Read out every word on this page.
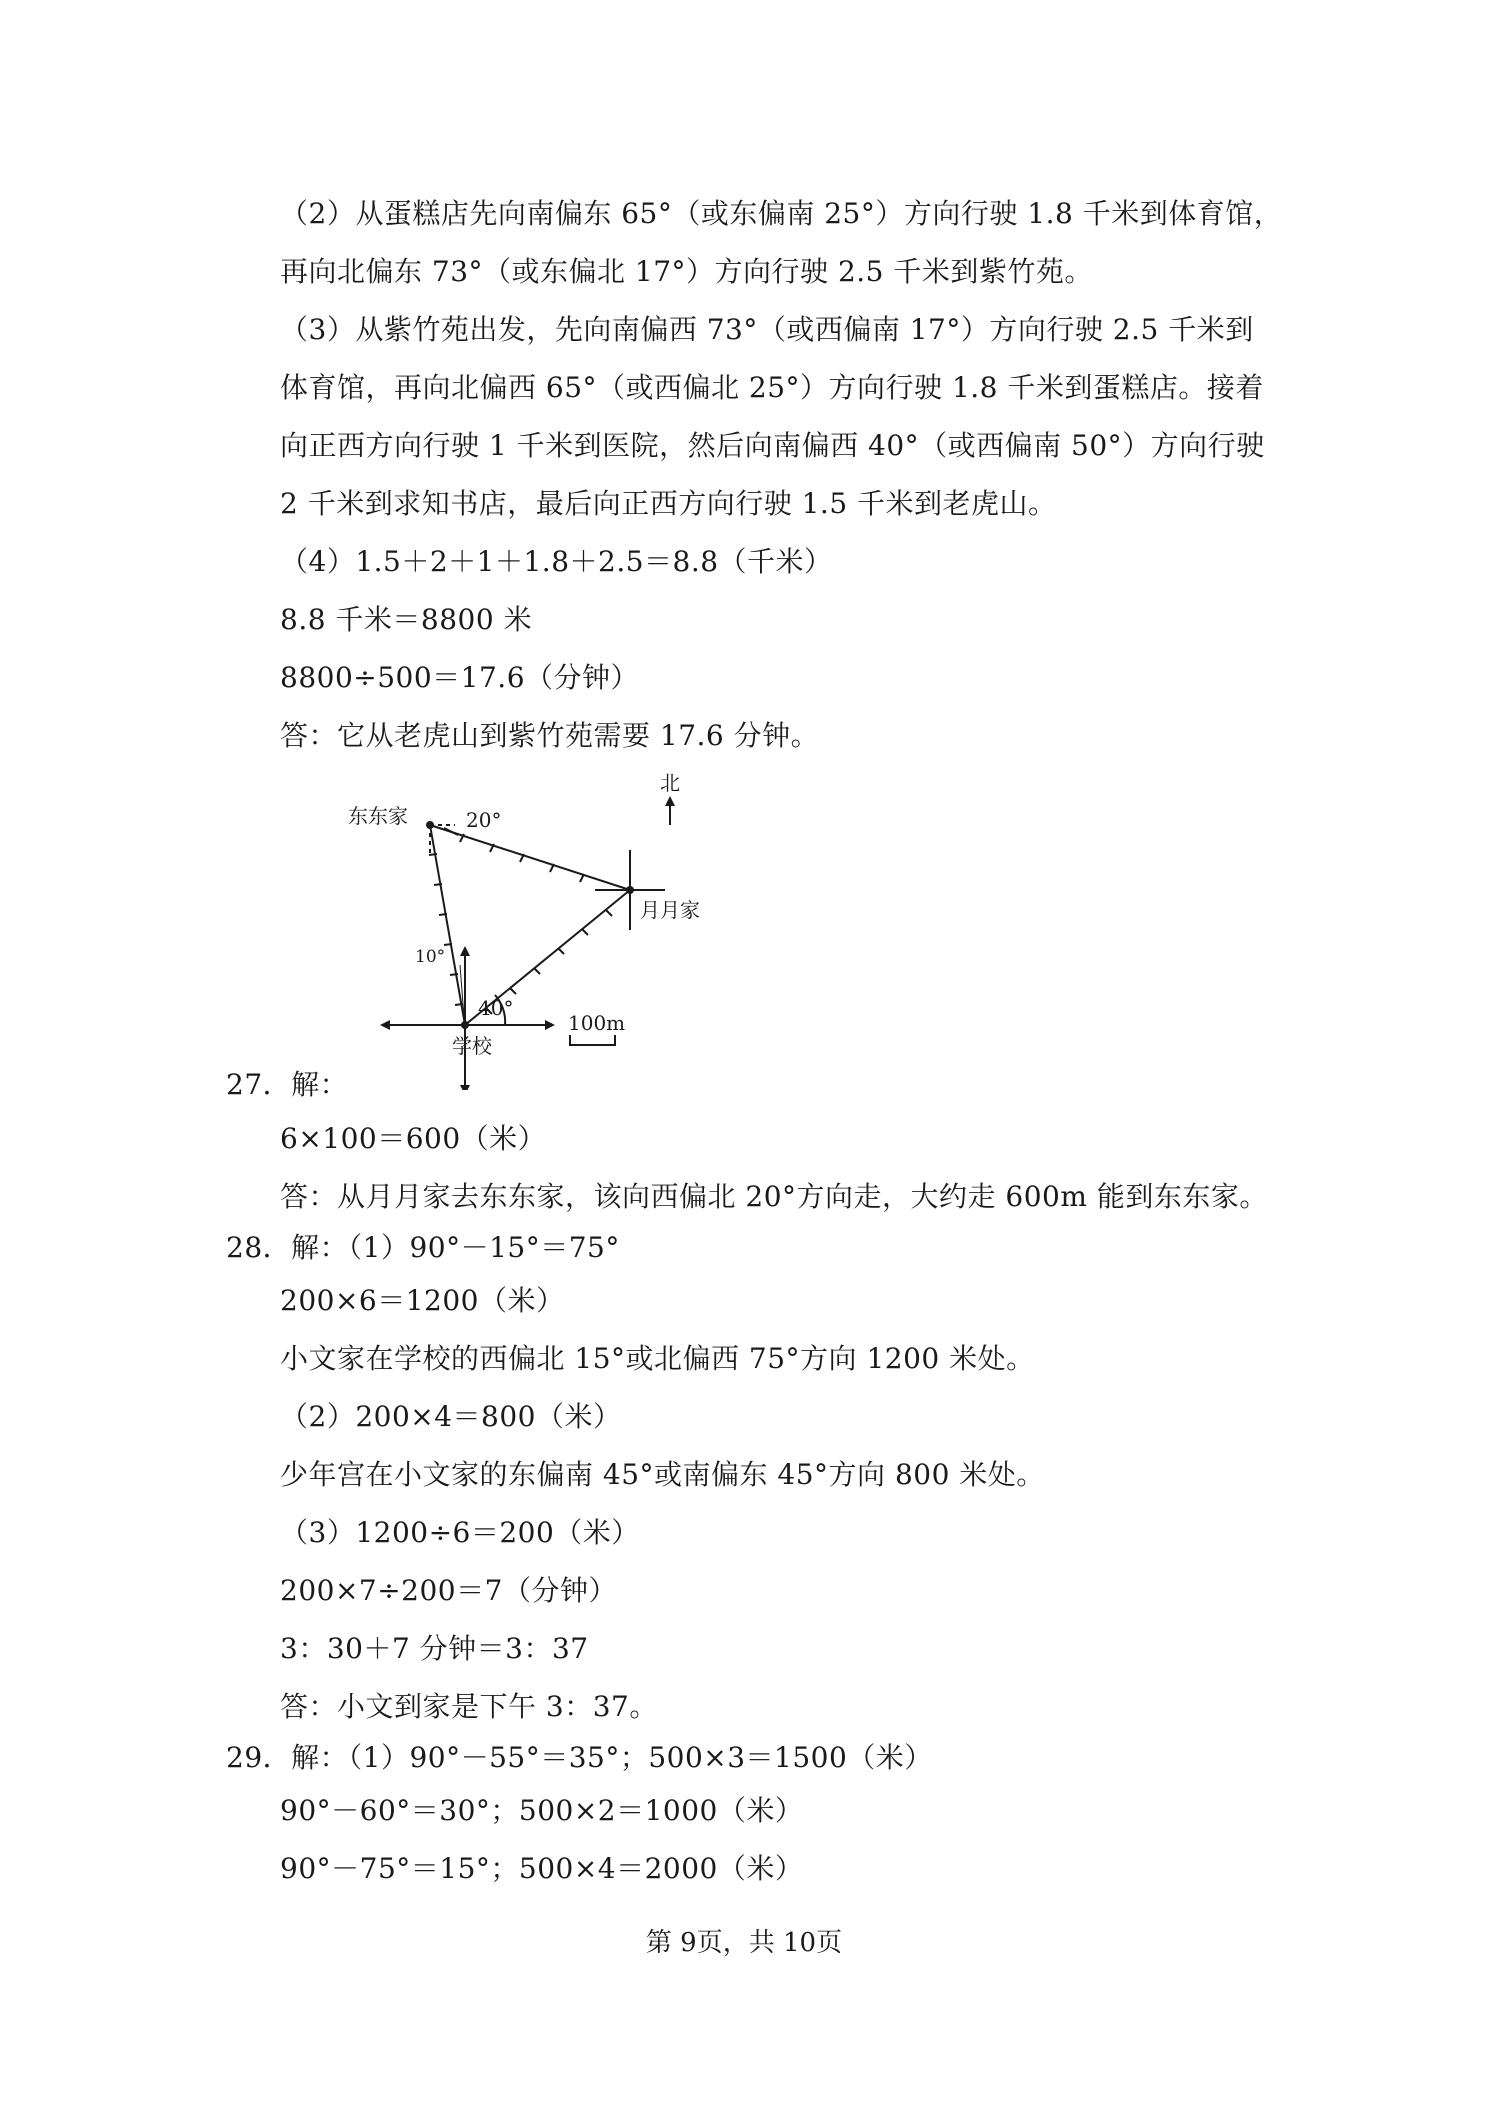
（2）从蛋糕店先向南偏东 65°（或东偏南 25°）方向行驶 1.8 千米到体育馆，
再向北偏东 73°（或东偏北 17°）方向行驶 2.5 千米到紫竹苑。
（3）从紫竹苑出发，先向南偏西 73°（或西偏南 17°）方向行驶 2.5 千米到
体育馆，再向北偏西 65°（或西偏北 25°）方向行驶 1.8 千米到蛋糕店。接着
向正西方向行驶 1 千米到医院，然后向南偏西 40°（或西偏南 50°）方向行驶
2 千米到求知书店，最后向正西方向行驶 1.5 千米到老虎山。
（4）1.5＋2＋1＋1.8＋2.5＝8.8（千米）
8.8 千米＝8800 米
8800÷500＝17.6（分钟）
答：它从老虎山到紫竹苑需要 17.6 分钟。
东东家
月月家
学校
北
20°
10°
40°
100m
27．解：
6×100＝600（米）
答：从月月家去东东家，该向西偏北 20°方向走，大约走 600m 能到东东家。
28．解：（1）90°－15°＝75°
200×6＝1200（米）
小文家在学校的西偏北 15°或北偏西 75°方向 1200 米处。
（2）200×4＝800（米）
少年宫在小文家的东偏南 45°或南偏东 45°方向 800 米处。
（3）1200÷6＝200（米）
200×7÷200＝7（分钟）
3：30＋7 分钟＝3：37
答：小文到家是下午 3：37。
29．解：（1）90°－55°＝35°；500×3＝1500（米）
90°－60°＝30°；500×2＝1000（米）
90°－75°＝15°；500×4＝2000（米）
第 9页，共 10页
